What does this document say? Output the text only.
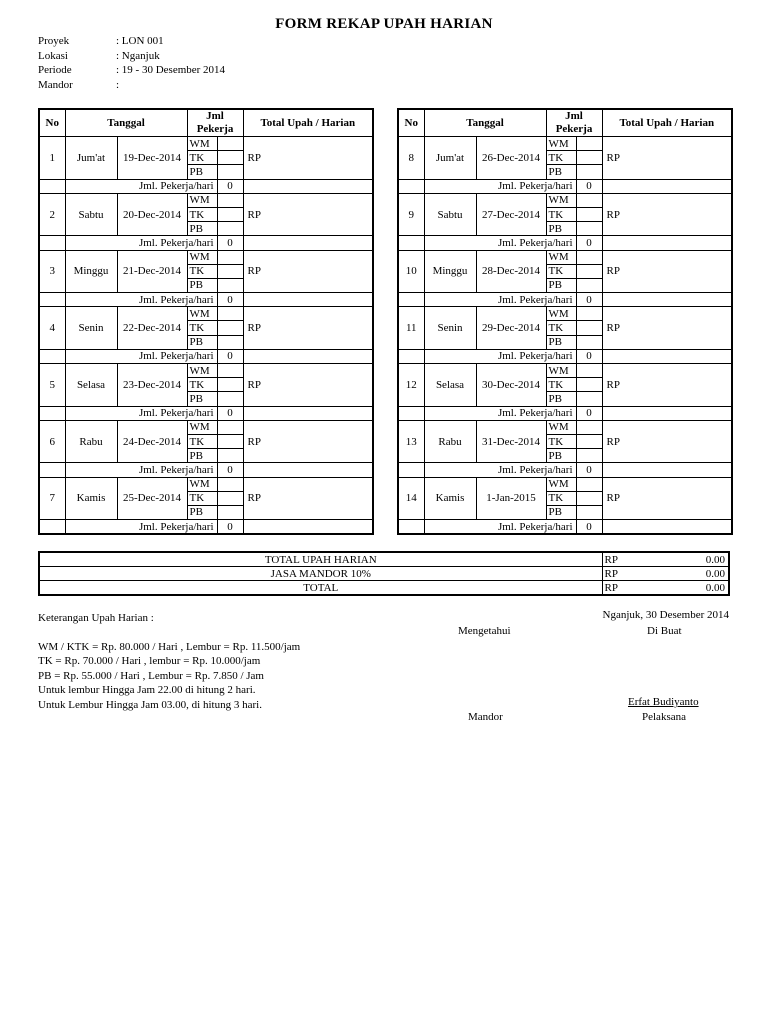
FORM REKAP UPAH HARIAN
Proyek	: LON 001
Lokasi	: Nganjuk
Periode	: 19 - 30 Desember 2014
Mandor	:
No	Tanggal		Jml Pekerja		Total Upah / Harian
1	Jum'at	19-Dec-2014	WM		RP
			TK		
			PB		
	Jml. Pekerja/hari			0	
2	Sabtu	20-Dec-2014	WM		RP
			TK		
			PB		
	Jml. Pekerja/hari			0	
3	Minggu	21-Dec-2014	WM		RP
			TK		
			PB		
	Jml. Pekerja/hari			0	
4	Senin	22-Dec-2014	WM		RP
			TK		
			PB		
	Jml. Pekerja/hari			0	
5	Selasa	23-Dec-2014	WM		RP
			TK		
			PB		
	Jml. Pekerja/hari			0	
6	Rabu	24-Dec-2014	WM		RP
			TK		
			PB		
	Jml. Pekerja/hari			0	
7	Kamis	25-Dec-2014	WM		RP
			TK		
			PB		
	Jml. Pekerja/hari			0	
No	Tanggal		Jml Pekerja		Total Upah / Harian
8	Jum'at	26-Dec-2014	WM		RP
			TK		
			PB		
	Jml. Pekerja/hari			0	
9	Sabtu	27-Dec-2014	WM		RP
			TK		
			PB		
	Jml. Pekerja/hari			0	
10	Minggu	28-Dec-2014	WM		RP
			TK		
			PB		
	Jml. Pekerja/hari			0	
11	Senin	29-Dec-2014	WM		RP
			TK		
			PB		
	Jml. Pekerja/hari			0	
12	Selasa	30-Dec-2014	WM		RP
			TK		
			PB		
	Jml. Pekerja/hari			0	
13	Rabu	31-Dec-2014	WM		RP
			TK		
			PB		
	Jml. Pekerja/hari			0	
14	Kamis	1-Jan-2015	WM		RP
			TK		
			PB		
	Jml. Pekerja/hari			0	
TOTAL UPAH HARIAN	RP	0.00
JASA MANDOR 10%	RP	0.00
TOTAL	RP	0.00
Keterangan Upah Harian :
WM / KTK = Rp. 80.000 / Hari , Lembur = Rp. 11.500/jam
TK = Rp. 70.000 / Hari , lembur = Rp. 10.000/jam
PB = Rp. 55.000 / Hari , Lembur = Rp. 7.850 / Jam
Untuk lembur Hingga Jam 22.00 di hitung 2 hari.
Untuk Lembur Hingga Jam 03.00, di hitung 3 hari.
Nganjuk, 30 Desember 2014
Mengetahui	Di Buat
Erfat Budiyanto
Mandor	Pelaksana
